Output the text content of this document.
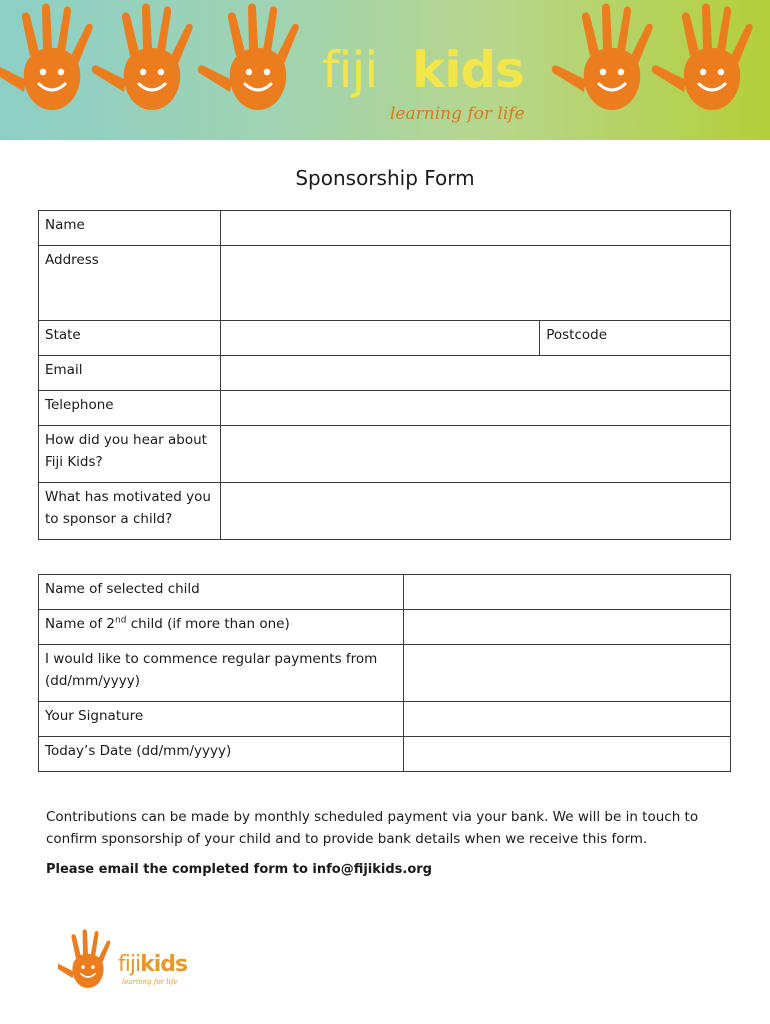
fiji kids
learning for life
Sponsorship Form
Name		
Address		
State		Postcode
Email		
Telephone		
How did you hear about Fiji Kids?		
What has motivated you to sponsor a child?		
Name of selected child	
Name of 2nd child (if more than one)	
I would like to commence regular payments from (dd/mm/yyyy)	
Your Signature	
Today’s Date (dd/mm/yyyy)	
Contributions can be made by monthly scheduled payment via your bank. We will be in touch to confirm sponsorship of your child and to provide bank details when we receive this form.
Please email the completed form to info@fijikids.org
fijikids
learning for life
